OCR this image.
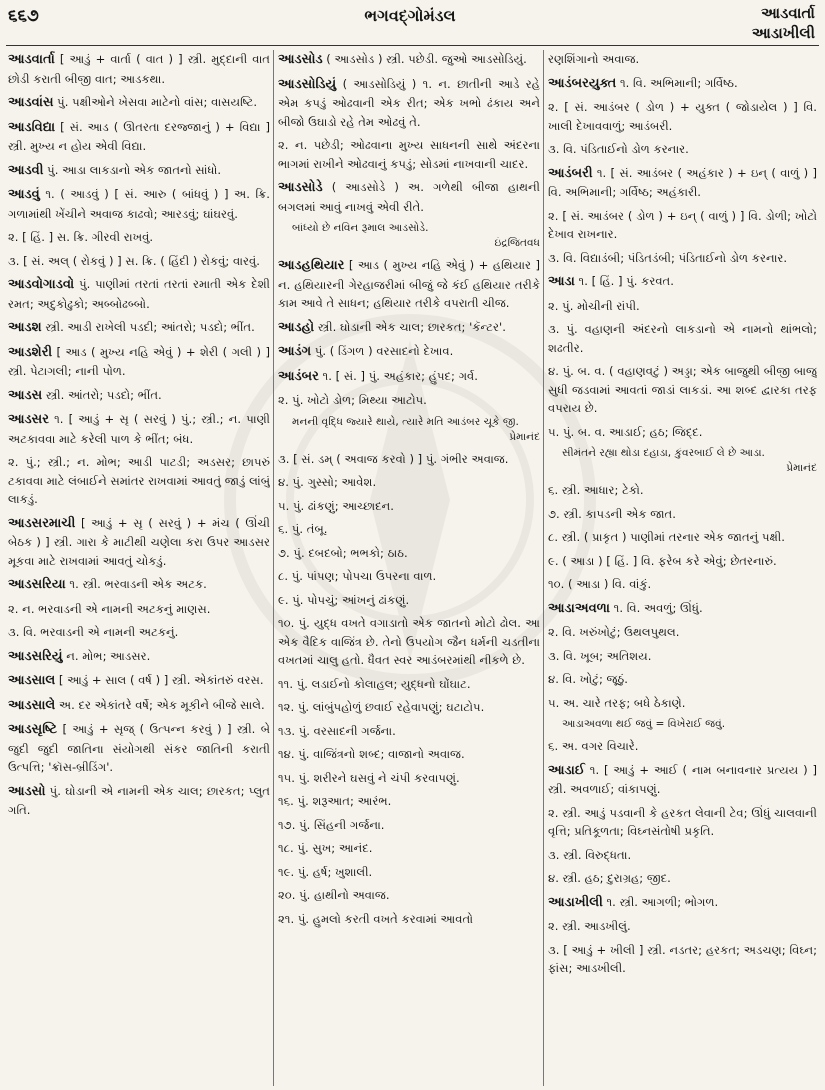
૬૬૭	ભગવદ્ગોમંડલ	આડવાર્તા
આડાખીલી
આડવાર્તા [ આડું + વાર્તા ( વાત ) ] સ્ત્રી. મુદ્દાની વાત છોડી કરાતી બીજી વાત; આડકથા.
આડવાંસ પું. પક્ષીઓને ખેસવા માટેનો વાંસ; વાસયષ્ટિ.
આડવિદ્યા [ સં. આડ ( ઊતરતા દરજ્જાનું ) + વિદ્યા ] સ્ત્રી. મુખ્ય ન હોય એવી વિદ્યા.
આડવી પું. આડા લાકડાનો એક જાતનો સાંધો.
આડવું ૧. ( આડવું ) [ સં. આરુ ( બાંધવું ) ] અ. ક્રિ. ગળામાંથી ખેંચીને અવાજ કાઢવો; આરડવું; ઘાંઘરવું.
૨. [ હિં. ] સ. ક્રિ. ગીરવી રાખવું.
૩. [ સં. અલ્ ( રોકવું ) ] સ. ક્રિ. ( હિંદી ) રોકવું; વારવું.
આડવોગાડવો પું. પાણીમાં તરતાં તરતાં રમાતી એક દેશી રમત; અદુકોઢુકો; અબ્બોઢબ્બો.
આડશ સ્ત્રી. આડી રાખેલી પડદી; આંતરો; પડદો; ભીંત.
આડશેરી [ આડ ( મુખ્ય નહિ એવું ) + શેરી ( ગલી ) ] સ્ત્રી. પેટાગલી; નાની પોળ.
આડસ સ્ત્રી. આંતરો; પડદો; ભીંત.
આડસર ૧. [ આડું + સૃ ( સરવું ) પું.; સ્ત્રી.; ન. પાણી અટકાવવા માટે કરેલી પાળ કે ભીંત; બંધ.
૨. પું.; સ્ત્રી.; ન. મોભ; આડી પાટડી; અડસર; છાપરું ટકાવવા માટે લંબાઈને સમાંતર રાખવામાં આવતું જાડું લાંબું લાકડું.
આડસરમાચી [ આડું + સૃ ( સરવું ) + મંચ ( ઊંચી બેઠક ) ] સ્ત્રી. ગારા કે માટીથી ચણેલા કરા ઉપર આડસર મૂકવા માટે રાખવામાં આવતું ચોકડું.
આડસરિયા ૧. સ્ત્રી. ભરવાડની એક અટક.
૨. ન. ભરવાડની એ નામની અટકનું માણસ.
૩. વિ. ભરવાડની એ નામની અટકનું.
આડસરિયું ન. મોભ; આડસર.
આડસાલ [ આડું + સાલ ( વર્ષ ) ] સ્ત્રી. એકાંતરું વરસ.
આડસાલે અ. દર એકાંતરે વર્ષે; એક મૂકીને બીજે સાલે.
આડસૃષ્ટિ [ આડું + સૃજ્ ( ઉત્પન્ન કરવું ) ] સ્ત્રી. બે જુદી જુદી જાતિના સંયોગથી સંકર જાતિની કરાતી ઉત્પત્તિ; 'ક્રૉસ-બ્રીડિંગ'.
આડસો પું. ઘોડાની એ નામની એક ચાલ; છારકત; પ્લુત ગતિ.
આડસોડ ( આડસોડ ) સ્ત્રી. પછેડી. જુઓ આડસોડિયું.
આડસોડિયું ( આડસોડિયું ) ૧. ન. છાતીની આડે રહે એમ કપડું ઓઢવાની એક રીત; એક ખભો ઢંકાય અને બીજો ઉઘાડો રહે તેમ ઓઢવું તે.
૨. ન. પછેડી; ઓઢવાના મુખ્ય સાધનની સાથે અંદરના ભાગમાં રાખીને ઓઢવાનું કપડું; સોડમાં નાખવાની ચાદર.
આડસોડે ( આડસોડે ) અ. ગળેથી બીજા હાથની બગલમાં આવું નાખવું એવી રીતે.
બાંધ્યો છે નવિન રૂમાલ આડસોડે.
ઇંદ્રજિતવધ
આડહથિયાર [ આડ ( મુખ્ય નહિ એવું ) + હથિયાર ] ન. હથિયારની ગેરહાજરીમાં બીજું જે કંઈ હથિયાર તરીકે કામ આવે તે સાધન; હથિયાર તરીકે વપરાતી ચીજ.
આડહો સ્ત્રી. ઘોડાની એક ચાલ; છારકત; 'કૅન્ટર'.
આડંગ પું. ( ડિંગળ ) વરસાદનો દેખાવ.
આડંબર ૧. [ સં. ] પું. અહંકાર; હુંપદ; ગર્વ.
૨. પું. ખોટો ડોળ; મિથ્યા આટોપ.
મનની વૃદ્ધિ જ્યારે થાયે, ત્યારે મતિ આડંબર ચૂકે જી.
પ્રેમાનંદ
૩. [ સં. ડમ્ ( અવાજ કરવો ) ] પું. ગંભીર અવાજ.
૪. પું. ગુસ્સો; આવેશ.
૫. પું. ઢાંકણું; આચ્છાદન.
૬. પું. તંબૂ.
૭. પું. દબદબો; ભભકો; ઠાઠ.
૮. પું. પાંપણ; પોપચા ઉપરના વાળ.
૯. પું. પોપચું; આંખનું ઢાંકણું.
૧૦. પું. યુદ્ધ વખતે વગાડાતો એક જાતનો મોટો ઢોલ. આ એક વૈદિક વાજિંત્ર છે. તેનો ઉપયોગ જૈન ધર્મની ચડતીના વખતમાં ચાલુ હતો. ધૈવત સ્વર આડંબરમાંથી નીકળે છે.
૧૧. પું. લડાઈનો કોલાહલ; યુદ્ધનો ઘોંઘાટ.
૧૨. પું. લાંબુંપહોળું છવાઈ રહેવાપણું; ઘટાટોપ.
૧૩. પું. વરસાદની ગર્જના.
૧૪. પું. વાજિંત્રનો શબ્દ; વાજાનો અવાજ.
૧૫. પું. શરીરને ઘસવું ને ચંપી કરવાપણું.
૧૬. પું. શરૂઆત; આરંભ.
૧૭. પું. સિંહની ગર્જના.
૧૮. પું. સુખ; આનંદ.
૧૯. પું. હર્ષ; ખુશાલી.
૨૦. પું. હાથીનો અવાજ.
૨૧. પું. હુમલો કરતી વખતે કરવામાં આવતો
રણશિંગાનો અવાજ.
આડંબરયુક્ત ૧. વિ. અભિમાની; ગર્વિષ્ઠ.
૨. [ સં. આડંબર ( ડોળ ) + યુક્ત ( જોડાયેલ ) ] વિ. ખાલી દેખાવવાળું; આડંબરી.
૩. વિ. પંડિતાઈનો ડોળ કરનાર.
આડંબરી ૧. [ સં. આડંબર ( અહંકાર ) + ઇન્ ( વાળું ) ] વિ. અભિમાની; ગર્વિષ્ઠ; અહંકારી.
૨. [ સં. આડંબર ( ડોળ ) + ઇન્ ( વાળું ) ] વિ. ડોળી; ખોટો દેખાવ રાખનાર.
૩. વિ. વિદ્યાડંબી; પંડિતડંબી; પંડિતાઈનો ડોળ કરનાર.
આડા ૧. [ હિં. ] પું. કરવત.
૨. પું. મોચીની રાંપી.
૩. પું. વહાણની અંદરનો લાકડાનો એ નામનો થાંભલો; શઢતીર.
૪. પું. બ. વ. ( વહાણવટું ) અડ્ડા; એક બાજુથી બીજી બાજુ સુધી જડવામાં આવતાં જાડાં લાકડાં. આ શબ્દ દ્વારકા તરફ વપરાય છે.
૫. પું. બ. વ. આડાઈ; હઠ; જિદ્દ.
સીમંતને રહ્યા થોડા દહાડા, કુંવરબાઈ લે છે આડા.
પ્રેમાનંદ
૬. સ્ત્રી. આધાર; ટેકો.
૭. સ્ત્રી. કાપડની એક જાત.
૮. સ્ત્રી. ( પ્રાકૃત ) પાણીમાં તરનાર એક જાતનું પક્ષી.
૯. ( આડા ) [ હિં. ] વિ. ફરેબ કરે એવું; છેતરનારું.
૧૦. ( આડા ) વિ. વાંકું.
આડાઅવળા ૧. વિ. અવળું; ઊંધું.
૨. વિ. ખરુંખોટું; ઉથલપુથલ.
૩. વિ. ખૂબ; અતિશય.
૪. વિ. ખોટું; જૂઠું.
૫. અ. ચારે તરફ; બધે ઠેકાણે.
આડાઅવળા થઈ જવું = વિખેરાઈ જવું.
૬. અ. વગર વિચારે.
આડાઈ ૧. [ આડું + આઈ ( નામ બનાવનાર પ્રત્યય ) ] સ્ત્રી. અવળાઈ; વાંકાપણું.
૨. સ્ત્રી. આડું પડવાની કે હરકત લેવાની ટેવ; ઊંધું ચાલવાની વૃત્તિ; પ્રતિકૂળતા; વિઘ્નસંતોષી પ્રકૃતિ.
૩. સ્ત્રી. વિરુદ્ધતા.
૪. સ્ત્રી. હઠ; દુરાગ્રહ; જીદ.
આડાખીલી ૧. સ્ત્રી. આગળી; ભોગળ.
૨. સ્ત્રી. આડખીલું.
૩. [ આડું + ખીલી ] સ્ત્રી. નડતર; હરકત; અડચણ; વિઘ્ન; ફાંસ; આડખીલી.
